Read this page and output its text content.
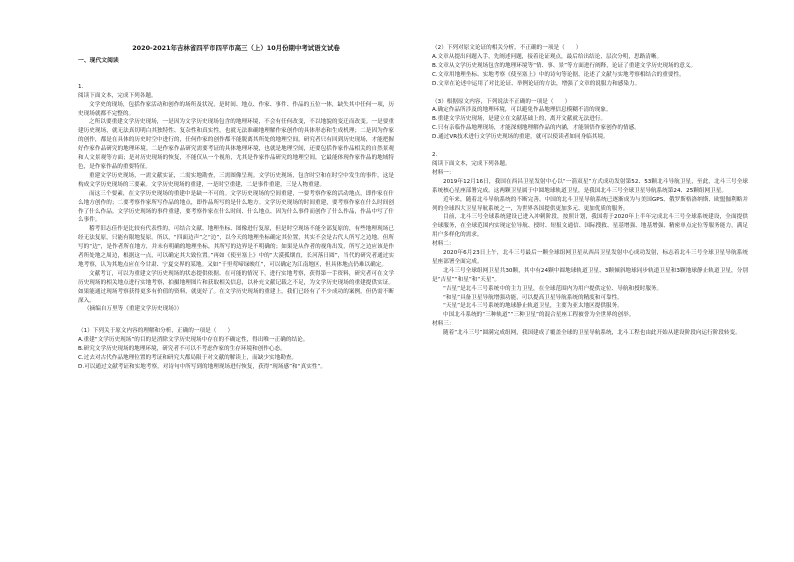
2020-2021年吉林省四平市四平市高三（上）10月份期中考试语文试卷

一、现代文阅读

1.

阅读下面文本，完成下列各题。

文学史的现场，包括作家活动和创作的场所及状况，是时间、地点、作家、事件、作品的五位一体，缺失其中任何一项，历史现场就都不完整的。

之所以要重建文学历史现场，一是因为文学历史现场包含的地理环境，不会有任何改变，不以地貌的变迁而改变。一是要重建历史现场，就无法真切明白其独特性、复杂性和真实性，也就无法准确地理解作家创作的具体形态和生成机理；二是因为作家的创作，都是在具体的历史时空中进行的，任何作家的创作都不能脱离其所处的地理空间，研究者只有回到历史现场，才能把握好作家作品研究的地理环境。二是作家作品研究需要考证的具体地理环境，也就是地理空间，还要包括作家作品相关的自然景观和人文景观等方面；是对历史现场的恢复，不能仅从一个视角，尤其是作家作品研究的地理空间，它最能体现作家作品的地域特色，是作家作品的重要特征。

重建文学历史现场，一需文献实证，二需实地勘查，三需图像呈现。文学历史现场，包含时空和在时空中发生的事件，这是构成文学历史现场的三要素。文学历史现场的重建，一是时空重建，二是事件重建，三是人物重建。

而这三个要素，在文学历史现场的重建中是缺一不可的。文学历史现场的空间重建，一要考察作家的活动地点，即作家在什么地方创作的；二要考察作家所写作品的地点，即作品所写的是什么地方。文学历史现场的时间重建，要考察作家在什么时间创作了什么作品。文学历史现场的事件重建，要考察作家在什么时间、什么地点、因为什么事件而创作了什么作品，作品中写了什么事件。

稽考旧志佳作是比较有代表性的，可结合文献、地理坐标、图像进行复原，但是时空现场不能全部复原的，有些地理现场已经无法复原，只能有限地复原。所以，“四面边声”之“边”，以今天的地理坐标确定其位置，其实不会是古代人所写之边地。但所写的“边”，是作者所在地方，并未有明确的地理坐标，其所写的边界是不明确的；如果是从作者的视角出发，所写之边应该是作者所处地之周边，根据这一点，可以确定其大致位置。”再如《使至塞上》中的“大漠孤烟直，长河落日圆”，当代的研究者通过实地考察，认为其地点应在今甘肃、宁夏交界的某地。又如“千里莺啼绿映红”，可以确定为江南地区，但具体地点仍难以确定。

文献考订，可以为重建文学历史现场的状态提供依据。在可能的情况下，进行实地考察，获得第一手资料，研究者可在文学历史现场的相关地点进行实地考察，拍摄地理图片和获取相关信息，以补充文献记载之不足，为文学历史现场的重建提供实证。如果能通过现场考察获得更多有价值的资料，就更好了。在文学历史现场的重建上，我们已经有了不少成功的案例，但仍需不断深入。

（摘编自万里等《重建文学历史现场》）

（1）下列关于原文内容的理解和分析，正确的一项是（　　）

A.重建“文学历史现场”的目的是消除文学历史现场中存在的不确定性，得出唯一正确的结论。

B.研究文学历史现场的地理环境，研究者不可以不考虑作家的生存环境和创作心态。

C.过去对古代作品地理位置的考证和研究大都局限于对文献的解读上，而缺少实地勘查。

D.可以通过文献考证和实地考察，对诗句中所写到的地理现场进行恢复，获得“现场感”和“真实性”。

（2）下列对原文论证的相关分析，不正确的一项是（　　）

A.文章从提出问题入手，先阐述问题，接着论证观点，最后给出结论，层次分明，思路清晰。

B.文章从文学历史现场包含的地理环境等“情、事、景”等方面进行阐释，论证了重建文学历史现场的意义。

C.文章用地理坐标、实地考察《使至塞上》中的诗句等论据，论述了文献与实地考察相结合的重要性。

D.文章在论述中运用了对比论证、举例论证的方法，增强了文章的说服力和感染力。

（3）根据原文内容，下列说法不正确的一项是（　　）

A.确定作品所涉及的地理环境，可以避免作品地理信息模糊不清的现象。

B.重建文学历史现场，是建立在文献基础上的，离开文献就无法进行。

C.只有亲临作品地理现场，才能深刻地理解作品的内涵，才能领悟作家创作的情感。

D.通过VR技术进行文学历史现场的重建，就可以使读者如同身临其境。

2.

阅读下面文本，完成下列各题。

材料一：

2019年12月16日，我国在西昌卫星发射中心以“一箭双星”方式成功发射第52、53颗北斗导航卫星，至此，北斗三号全球系统核心星座部署完成。这两颗卫星属于中圆地球轨道卫星，是我国北斗三号全球卫星导航系统第24、25颗组网卫星。

近年来，随着北斗导航系统的不断完善，中国的北斗卫星导航系统已逐渐成为与美国GPS、俄罗斯格洛纳斯、欧盟伽利略并列的全球四大卫星导航系统之一，为世界各国提供更加多元、更加优质的服务。

目前，北斗三号全球系统建设已进入冲刺阶段，按照计划，我国将于2020年上半年完成北斗三号全球系统建设，全面提供全球服务，在全球范围内实现定位导航、授时、短报文通信、国际搜救、星基增强、地基增强、精密单点定位等服务能力，满足用户多样化的需求。

材料二：

2020年6月23日上午，北斗三号最后一颗全球组网卫星从西昌卫星发射中心成功发射，标志着北斗三号全球卫星导航系统星座部署全面完成。

北斗三号全球组网卫星共30颗，其中有24颗中圆地球轨道卫星、3颗倾斜地球同步轨道卫星和3颗地球静止轨道卫星，分别是“吉星”“和星”和“天星”。

“吉星”是北斗三号系统中的主力卫星，在全球范围内为用户提供定位、导航和授时服务。

“和星”具备卫星导航增强功能，可以提高卫星导航系统的精度和可靠性。

“天星”是北斗三号系统的地球静止轨道卫星，主要为亚太地区提供服务。

中国北斗系统的“三种轨道”“三种卫星”的混合星座工程被誉为全世界的创举。

材料三：

随着“北斗三号”圆满完成组网，我国建成了覆盖全球的卫星导航系统，北斗工程也由此开始从建设阶段向运行阶段转变。
